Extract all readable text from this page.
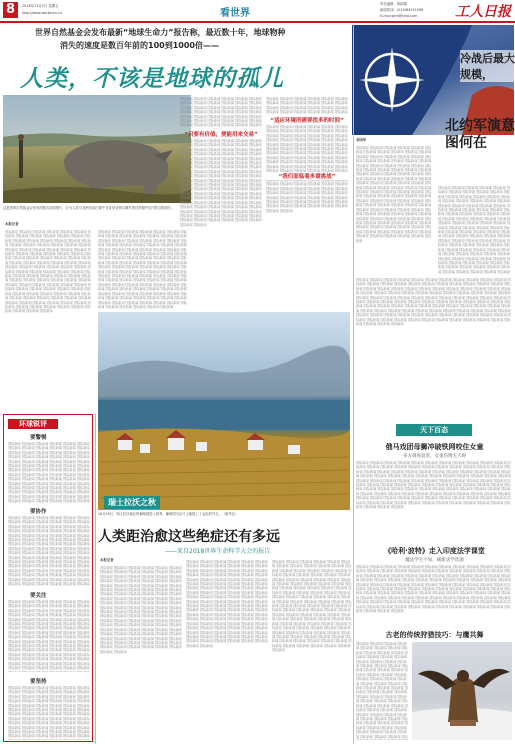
8	2018年11月2日 星期五
http://www.workercn.cn	看世界
责任编辑：陈丽娟
新闻热线：(010)84151598
E-mail:grrb@sina.com	工人日报
世界自然基金会发布最新“地球生命力”报告称，最近数十年，地球物种
消失的速度是数百年前的100到1000倍——
人类，不该是地球的孤儿
这是世界自然基金会发布的报告封面图片，左为人类与非洲北部白犀牛在肯尼亚奥尔佩杰塔自然保护区内的合影照片。
本报记者
国际新闻 国际新闻 国际新闻 国际新闻 国际新闻 国际新闻 国际新闻 国际新闻 国际新闻 国际新闻 国际新闻 国际新闻 国际新闻 国际新闻 国际新闻 国际新闻 国际新闻 国际新闻 国际新闻 国际新闻 国际新闻 国际新闻 国际新闻 国际新闻 国际新闻 国际新闻 国际新闻 国际新闻 国际新闻 国际新闻 国际新闻 国际新闻 国际新闻 国际新闻 国际新闻 国际新闻 国际新闻 国际新闻 国际新闻 国际新闻 国际新闻 国际新闻 国际新闻 国际新闻 国际新闻 国际新闻 国际新闻 国际新闻 国际新闻 国际新闻 国际新闻 国际新闻 国际新闻 国际新闻 国际新闻 国际新闻 国际新闻 国际新闻 国际新闻 国际新闻 国际新闻 国际新闻 国际新闻 国际新闻 国际新闻 国际新闻 国际新闻 国际新闻 国际新闻 国际新闻 国际新闻 国际新闻 国际新闻 国际新闻 国际新闻 国际新闻 国际新闻 国际新闻 国际新闻 国际新闻 国际新闻 国际新闻 国际新闻 国际新闻 国际新闻 国际新闻 国际新闻 国际新闻 国际新闻 国际新闻 国际新闻 国际新闻 国际新闻 国际新闻 国际新闻 国际新闻 国际新闻 国际新闻 国际新闻 国际新闻 国际新闻 国际新闻 国际新闻 国际新闻 国际新闻 国际新闻 国际新闻 国际新闻 国际新闻 国际新闻 国际新闻 国际新闻 国际新闻 国际新闻 国际新闻 国际新闻
国际新闻 国际新闻 国际新闻 国际新闻 国际新闻 国际新闻 国际新闻 国际新闻 国际新闻 国际新闻 国际新闻 国际新闻 国际新闻 国际新闻 国际新闻 国际新闻 国际新闻 国际新闻 国际新闻 国际新闻 国际新闻 国际新闻 国际新闻 国际新闻 国际新闻 国际新闻 国际新闻 国际新闻 国际新闻 国际新闻 国际新闻 国际新闻 国际新闻 国际新闻 国际新闻 国际新闻 国际新闻 国际新闻 国际新闻 国际新闻 国际新闻 国际新闻 国际新闻 国际新闻 国际新闻 国际新闻 国际新闻 国际新闻 国际新闻 国际新闻 国际新闻 国际新闻 国际新闻 国际新闻 国际新闻 国际新闻 国际新闻 国际新闻 国际新闻 国际新闻 国际新闻 国际新闻 国际新闻 国际新闻 国际新闻 国际新闻 国际新闻 国际新闻 国际新闻 国际新闻 国际新闻 国际新闻 国际新闻 国际新闻 国际新闻 国际新闻 国际新闻 国际新闻 国际新闻 国际新闻 国际新闻 国际新闻 国际新闻 国际新闻 国际新闻 国际新闻 国际新闻 国际新闻 国际新闻 国际新闻 国际新闻 国际新闻 国际新闻 国际新闻 国际新闻 国际新闻 国际新闻 国际新闻 国际新闻 国际新闻 国际新闻 国际新闻 国际新闻 国际新闻 国际新闻 国际新闻 国际新闻 国际新闻 国际新闻 国际新闻 国际新闻 国际新闻 国际新闻 国际新闻 国际新闻 国际新闻
国际新闻 国际新闻 国际新闻 国际新闻 国际新闻 国际新闻 国际新闻 国际新闻 国际新闻 国际新闻 国际新闻 国际新闻 国际新闻 国际新闻 国际新闻 国际新闻 国际新闻 国际新闻 国际新闻 国际新闻 国际新闻 国际新闻 国际新闻 国际新闻 国际新闻 国际新闻 国际新闻 国际新闻 国际新闻 国际新闻 国际新闻 国际新闻 国际新闻 国际新闻 国际新闻 国际新闻 国际新闻 国际新闻 国际新闻 国际新闻 国际新闻 国际新闻 国际新闻 国际新闻 国际新闻 国际新闻 国际新闻 国际新闻 国际新闻 国际新闻 国际新闻 国际新闻 国际新闻 国际新闻 国际新闻 国际新闻 国际新闻 国际新闻 国际新闻 国际新闻 国际新闻 国际新闻 国际新闻 国际新闻 国际新闻 国际新闻 国际新闻 国际新闻 国际新闻 国际新闻 国际新闻 国际新闻 国际新闻 国际新闻 国际新闻 国际新闻 国际新闻 国际新闻 国际新闻 国际新闻 国际新闻 国际新闻 国际新闻 国际新闻 国际新闻 国际新闻 国际新闻 国际新闻 国际新闻 国际新闻 国际新闻 国际新闻 国际新闻 国际新闻 国际新闻 国际新闻 国际新闻 国际新闻 国际新闻 国际新闻 国际新闻 国际新闻 国际新闻 国际新闻 国际新闻 国际新闻 国际新闻 国际新闻 国际新闻 国际新闻 国际新闻 国际新闻 国际新闻 国际新闻 国际新闻 国际新闻
“只要有价值，便能用来交易”
国际新闻 国际新闻 国际新闻 国际新闻 国际新闻 国际新闻 国际新闻 国际新闻 国际新闻 国际新闻 国际新闻 国际新闻 国际新闻 国际新闻 国际新闻 国际新闻 国际新闻 国际新闻 国际新闻 国际新闻 国际新闻 国际新闻 国际新闻 国际新闻 国际新闻 国际新闻 国际新闻 国际新闻 国际新闻 国际新闻 国际新闻 国际新闻 国际新闻 国际新闻 国际新闻 国际新闻 国际新闻 国际新闻 国际新闻 国际新闻 国际新闻 国际新闻 国际新闻 国际新闻 国际新闻 国际新闻 国际新闻 国际新闻 国际新闻 国际新闻 国际新闻 国际新闻 国际新闻 国际新闻 国际新闻 国际新闻 国际新闻 国际新闻 国际新闻 国际新闻 国际新闻 国际新闻 国际新闻 国际新闻 国际新闻 国际新闻 国际新闻 国际新闻 国际新闻 国际新闻 国际新闻 国际新闻 国际新闻 国际新闻 国际新闻 国际新闻 国际新闻 国际新闻 国际新闻 国际新闻 国际新闻 国际新闻 国际新闻 国际新闻 国际新闻 国际新闻 国际新闻 国际新闻 国际新闻 国际新闻 国际新闻 国际新闻 国际新闻 国际新闻 国际新闻 国际新闻 国际新闻 国际新闻 国际新闻 国际新闻 国际新闻 国际新闻 国际新闻 国际新闻 国际新闻 国际新闻 国际新闻 国际新闻 国际新闻 国际新闻 国际新闻 国际新闻 国际新闻 国际新闻 国际新闻 国际新闻
国际新闻 国际新闻 国际新闻 国际新闻 国际新闻 国际新闻 国际新闻 国际新闻 国际新闻 国际新闻 国际新闻 国际新闻 国际新闻 国际新闻 国际新闻 国际新闻 国际新闻 国际新闻 国际新闻 国际新闻 国际新闻 国际新闻 国际新闻 国际新闻 国际新闻 国际新闻 国际新闻 国际新闻 国际新闻 国际新闻 国际新闻 国际新闻 国际新闻 国际新闻 国际新闻 国际新闻 国际新闻 国际新闻 国际新闻 国际新闻 国际新闻 国际新闻 国际新闻 国际新闻 国际新闻 国际新闻 国际新闻 国际新闻 国际新闻 国际新闻 国际新闻 国际新闻 国际新闻 国际新闻 国际新闻 国际新闻 国际新闻 国际新闻 国际新闻 国际新闻 国际新闻 国际新闻 国际新闻 国际新闻 国际新闻 国际新闻 国际新闻 国际新闻 国际新闻 国际新闻 国际新闻 国际新闻 国际新闻 国际新闻 国际新闻 国际新闻 国际新闻 国际新闻 国际新闻 国际新闻 国际新闻 国际新闻 国际新闻 国际新闻 国际新闻 国际新闻 国际新闻 国际新闻 国际新闻 国际新闻 国际新闻 国际新闻 国际新闻 国际新闻 国际新闻 国际新闻 国际新闻 国际新闻 国际新闻 国际新闻 国际新闻 国际新闻 国际新闻 国际新闻 国际新闻 国际新闻 国际新闻 国际新闻 国际新闻 国际新闻 国际新闻 国际新闻 国际新闻 国际新闻 国际新闻 国际新闻
“适应环境所需要很多的时间”
国际新闻 国际新闻 国际新闻 国际新闻 国际新闻 国际新闻 国际新闻 国际新闻 国际新闻 国际新闻 国际新闻 国际新闻 国际新闻 国际新闻 国际新闻 国际新闻 国际新闻 国际新闻 国际新闻 国际新闻 国际新闻 国际新闻 国际新闻 国际新闻 国际新闻 国际新闻 国际新闻 国际新闻 国际新闻 国际新闻 国际新闻 国际新闻 国际新闻 国际新闻 国际新闻 国际新闻 国际新闻 国际新闻 国际新闻 国际新闻 国际新闻 国际新闻 国际新闻 国际新闻 国际新闻 国际新闻 国际新闻 国际新闻 国际新闻 国际新闻 国际新闻 国际新闻 国际新闻 国际新闻 国际新闻 国际新闻 国际新闻 国际新闻 国际新闻 国际新闻 国际新闻 国际新闻 国际新闻 国际新闻 国际新闻 国际新闻 国际新闻 国际新闻 国际新闻 国际新闻 国际新闻 国际新闻 国际新闻 国际新闻 国际新闻 国际新闻 国际新闻 国际新闻 国际新闻 国际新闻 国际新闻 国际新闻 国际新闻 国际新闻 国际新闻 国际新闻 国际新闻 国际新闻 国际新闻 国际新闻 国际新闻 国际新闻 国际新闻 国际新闻 国际新闻 国际新闻 国际新闻 国际新闻 国际新闻 国际新闻 国际新闻 国际新闻 国际新闻 国际新闻 国际新闻 国际新闻 国际新闻 国际新闻 国际新闻 国际新闻 国际新闻 国际新闻 国际新闻 国际新闻 国际新闻 国际新闻
“我们面临着多重挑战”
冷战后最大规模，
北约军演意图何在
李国华
国际新闻 国际新闻 国际新闻 国际新闻 国际新闻 国际新闻 国际新闻 国际新闻 国际新闻 国际新闻 国际新闻 国际新闻 国际新闻 国际新闻 国际新闻 国际新闻 国际新闻 国际新闻 国际新闻 国际新闻 国际新闻 国际新闻 国际新闻 国际新闻 国际新闻 国际新闻 国际新闻 国际新闻 国际新闻 国际新闻 国际新闻 国际新闻 国际新闻 国际新闻 国际新闻 国际新闻 国际新闻 国际新闻 国际新闻 国际新闻 国际新闻 国际新闻 国际新闻 国际新闻 国际新闻 国际新闻 国际新闻 国际新闻 国际新闻 国际新闻 国际新闻 国际新闻 国际新闻 国际新闻 国际新闻 国际新闻 国际新闻 国际新闻 国际新闻 国际新闻 国际新闻 国际新闻 国际新闻 国际新闻 国际新闻 国际新闻 国际新闻 国际新闻 国际新闻 国际新闻 国际新闻 国际新闻 国际新闻 国际新闻 国际新闻 国际新闻 国际新闻 国际新闻 国际新闻 国际新闻 国际新闻 国际新闻 国际新闻 国际新闻 国际新闻 国际新闻 国际新闻 国际新闻 国际新闻 国际新闻 国际新闻 国际新闻 国际新闻 国际新闻 国际新闻 国际新闻 国际新闻 国际新闻 国际新闻 国际新闻 国际新闻 国际新闻 国际新闻 国际新闻 国际新闻 国际新闻 国际新闻 国际新闻 国际新闻 国际新闻 国际新闻 国际新闻 国际新闻 国际新闻 国际新闻 国际新闻
国际新闻 国际新闻 国际新闻 国际新闻 国际新闻 国际新闻 国际新闻 国际新闻 国际新闻 国际新闻 国际新闻 国际新闻 国际新闻 国际新闻 国际新闻 国际新闻 国际新闻 国际新闻 国际新闻 国际新闻 国际新闻 国际新闻 国际新闻 国际新闻 国际新闻 国际新闻 国际新闻 国际新闻 国际新闻 国际新闻 国际新闻 国际新闻 国际新闻 国际新闻 国际新闻 国际新闻 国际新闻 国际新闻 国际新闻 国际新闻 国际新闻 国际新闻 国际新闻 国际新闻 国际新闻 国际新闻 国际新闻 国际新闻 国际新闻 国际新闻 国际新闻 国际新闻 国际新闻 国际新闻 国际新闻 国际新闻 国际新闻 国际新闻 国际新闻 国际新闻 国际新闻 国际新闻 国际新闻 国际新闻 国际新闻 国际新闻 国际新闻 国际新闻 国际新闻 国际新闻 国际新闻 国际新闻 国际新闻 国际新闻 国际新闻 国际新闻 国际新闻 国际新闻 国际新闻 国际新闻 国际新闻 国际新闻 国际新闻 国际新闻 国际新闻 国际新闻 国际新闻 国际新闻 国际新闻 国际新闻 国际新闻 国际新闻 国际新闻 国际新闻 国际新闻 国际新闻 国际新闻 国际新闻 国际新闻 国际新闻 国际新闻 国际新闻 国际新闻 国际新闻 国际新闻 国际新闻 国际新闻 国际新闻 国际新闻 国际新闻 国际新闻 国际新闻 国际新闻 国际新闻 国际新闻 国际新闻
国际新闻 国际新闻 国际新闻 国际新闻 国际新闻 国际新闻 国际新闻 国际新闻 国际新闻 国际新闻 国际新闻 国际新闻 国际新闻 国际新闻 国际新闻 国际新闻 国际新闻 国际新闻 国际新闻 国际新闻 国际新闻 国际新闻 国际新闻 国际新闻 国际新闻 国际新闻 国际新闻 国际新闻 国际新闻 国际新闻 国际新闻 国际新闻 国际新闻 国际新闻 国际新闻 国际新闻 国际新闻 国际新闻 国际新闻 国际新闻 国际新闻 国际新闻 国际新闻 国际新闻 国际新闻 国际新闻 国际新闻 国际新闻 国际新闻 国际新闻 国际新闻 国际新闻 国际新闻 国际新闻 国际新闻 国际新闻 国际新闻 国际新闻 国际新闻 国际新闻 国际新闻 国际新闻 国际新闻 国际新闻 国际新闻 国际新闻 国际新闻 国际新闻 国际新闻 国际新闻 国际新闻 国际新闻 国际新闻 国际新闻 国际新闻 国际新闻 国际新闻 国际新闻 国际新闻 国际新闻 国际新闻 国际新闻 国际新闻 国际新闻 国际新闻 国际新闻 国际新闻 国际新闻 国际新闻 国际新闻 国际新闻 国际新闻 国际新闻 国际新闻 国际新闻 国际新闻 国际新闻 国际新闻 国际新闻 国际新闻 国际新闻 国际新闻 国际新闻 国际新闻 国际新闻 国际新闻 国际新闻 国际新闻 国际新闻 国际新闻 国际新闻 国际新闻 国际新闻 国际新闻 国际新闻 国际新闻
环球锐评
要警惕
国际新闻 国际新闻 国际新闻 国际新闻 国际新闻 国际新闻 国际新闻 国际新闻 国际新闻 国际新闻 国际新闻 国际新闻 国际新闻 国际新闻 国际新闻 国际新闻 国际新闻 国际新闻 国际新闻 国际新闻 国际新闻 国际新闻 国际新闻 国际新闻 国际新闻 国际新闻 国际新闻 国际新闻 国际新闻 国际新闻 国际新闻 国际新闻 国际新闻 国际新闻 国际新闻 国际新闻 国际新闻 国际新闻 国际新闻 国际新闻 国际新闻 国际新闻 国际新闻 国际新闻 国际新闻 国际新闻 国际新闻 国际新闻 国际新闻 国际新闻 国际新闻 国际新闻 国际新闻 国际新闻 国际新闻 国际新闻 国际新闻 国际新闻 国际新闻 国际新闻 国际新闻 国际新闻 国际新闻 国际新闻 国际新闻 国际新闻 国际新闻 国际新闻 国际新闻 国际新闻 国际新闻 国际新闻 国际新闻 国际新闻 国际新闻 国际新闻 国际新闻 国际新闻 国际新闻 国际新闻 国际新闻 国际新闻 国际新闻 国际新闻 国际新闻 国际新闻 国际新闻 国际新闻 国际新闻 国际新闻 国际新闻 国际新闻 国际新闻 国际新闻 国际新闻 国际新闻 国际新闻 国际新闻 国际新闻 国际新闻 国际新闻 国际新闻 国际新闻 国际新闻 国际新闻 国际新闻 国际新闻 国际新闻 国际新闻 国际新闻 国际新闻 国际新闻 国际新闻 国际新闻 国际新闻 国际新闻
要协作
国际新闻 国际新闻 国际新闻 国际新闻 国际新闻 国际新闻 国际新闻 国际新闻 国际新闻 国际新闻 国际新闻 国际新闻 国际新闻 国际新闻 国际新闻 国际新闻 国际新闻 国际新闻 国际新闻 国际新闻 国际新闻 国际新闻 国际新闻 国际新闻 国际新闻 国际新闻 国际新闻 国际新闻 国际新闻 国际新闻 国际新闻 国际新闻 国际新闻 国际新闻 国际新闻 国际新闻 国际新闻 国际新闻 国际新闻 国际新闻 国际新闻 国际新闻 国际新闻 国际新闻 国际新闻 国际新闻 国际新闻 国际新闻 国际新闻 国际新闻 国际新闻 国际新闻 国际新闻 国际新闻 国际新闻 国际新闻 国际新闻 国际新闻 国际新闻 国际新闻 国际新闻 国际新闻 国际新闻 国际新闻 国际新闻 国际新闻 国际新闻 国际新闻 国际新闻 国际新闻 国际新闻 国际新闻 国际新闻 国际新闻 国际新闻 国际新闻 国际新闻 国际新闻 国际新闻 国际新闻 国际新闻 国际新闻 国际新闻 国际新闻 国际新闻 国际新闻 国际新闻 国际新闻 国际新闻 国际新闻 国际新闻 国际新闻 国际新闻 国际新闻 国际新闻 国际新闻 国际新闻 国际新闻 国际新闻 国际新闻 国际新闻 国际新闻 国际新闻 国际新闻 国际新闻 国际新闻 国际新闻 国际新闻 国际新闻 国际新闻 国际新闻 国际新闻 国际新闻 国际新闻 国际新闻 国际新闻
要关注
国际新闻 国际新闻 国际新闻 国际新闻 国际新闻 国际新闻 国际新闻 国际新闻 国际新闻 国际新闻 国际新闻 国际新闻 国际新闻 国际新闻 国际新闻 国际新闻 国际新闻 国际新闻 国际新闻 国际新闻 国际新闻 国际新闻 国际新闻 国际新闻 国际新闻 国际新闻 国际新闻 国际新闻 国际新闻 国际新闻 国际新闻 国际新闻 国际新闻 国际新闻 国际新闻 国际新闻 国际新闻 国际新闻 国际新闻 国际新闻 国际新闻 国际新闻 国际新闻 国际新闻 国际新闻 国际新闻 国际新闻 国际新闻 国际新闻 国际新闻 国际新闻 国际新闻 国际新闻 国际新闻 国际新闻 国际新闻 国际新闻 国际新闻 国际新闻 国际新闻 国际新闻 国际新闻 国际新闻 国际新闻 国际新闻 国际新闻 国际新闻 国际新闻 国际新闻 国际新闻 国际新闻 国际新闻 国际新闻 国际新闻 国际新闻 国际新闻 国际新闻 国际新闻 国际新闻 国际新闻 国际新闻 国际新闻 国际新闻 国际新闻 国际新闻 国际新闻 国际新闻 国际新闻 国际新闻 国际新闻 国际新闻 国际新闻 国际新闻 国际新闻 国际新闻 国际新闻 国际新闻 国际新闻 国际新闻 国际新闻 国际新闻 国际新闻 国际新闻 国际新闻 国际新闻 国际新闻 国际新闻 国际新闻 国际新闻 国际新闻 国际新闻 国际新闻 国际新闻 国际新闻 国际新闻 国际新闻
要坚持
国际新闻 国际新闻 国际新闻 国际新闻 国际新闻 国际新闻 国际新闻 国际新闻 国际新闻 国际新闻 国际新闻 国际新闻 国际新闻 国际新闻 国际新闻 国际新闻 国际新闻 国际新闻 国际新闻 国际新闻 国际新闻 国际新闻 国际新闻 国际新闻 国际新闻 国际新闻 国际新闻 国际新闻 国际新闻 国际新闻 国际新闻 国际新闻 国际新闻 国际新闻 国际新闻 国际新闻 国际新闻 国际新闻 国际新闻 国际新闻 国际新闻 国际新闻 国际新闻 国际新闻 国际新闻 国际新闻 国际新闻 国际新闻 国际新闻 国际新闻 国际新闻 国际新闻 国际新闻 国际新闻 国际新闻 国际新闻 国际新闻 国际新闻 国际新闻 国际新闻 国际新闻 国际新闻 国际新闻 国际新闻 国际新闻 国际新闻 国际新闻 国际新闻 国际新闻 国际新闻 国际新闻 国际新闻 国际新闻 国际新闻 国际新闻 国际新闻 国际新闻 国际新闻 国际新闻 国际新闻 国际新闻 国际新闻 国际新闻 国际新闻 国际新闻 国际新闻 国际新闻 国际新闻 国际新闻 国际新闻 国际新闻 国际新闻 国际新闻 国际新闻 国际新闻 国际新闻 国际新闻 国际新闻 国际新闻 国际新闻 国际新闻 国际新闻 国际新闻 国际新闻 国际新闻 国际新闻 国际新闻 国际新闻 国际新闻 国际新闻 国际新闻 国际新闻 国际新闻 国际新闻 国际新闻 国际新闻
瑞士拉沃之秋
10月29日，瑞士拉沃地区的葡萄园进入秋季，葡萄园为这片土地披上了金色的外衣。（新华社）
人类距治愈这些绝症还有多远
——来自2018世界生命科学大会的报告
本报记者
国际新闻 国际新闻 国际新闻 国际新闻 国际新闻 国际新闻 国际新闻 国际新闻 国际新闻 国际新闻 国际新闻 国际新闻 国际新闻 国际新闻 国际新闻 国际新闻 国际新闻 国际新闻 国际新闻 国际新闻 国际新闻 国际新闻 国际新闻 国际新闻 国际新闻 国际新闻 国际新闻 国际新闻 国际新闻 国际新闻 国际新闻 国际新闻 国际新闻 国际新闻 国际新闻 国际新闻 国际新闻 国际新闻 国际新闻 国际新闻 国际新闻 国际新闻 国际新闻 国际新闻 国际新闻 国际新闻 国际新闻 国际新闻 国际新闻 国际新闻 国际新闻 国际新闻 国际新闻 国际新闻 国际新闻 国际新闻 国际新闻 国际新闻 国际新闻 国际新闻 国际新闻 国际新闻 国际新闻 国际新闻 国际新闻 国际新闻 国际新闻 国际新闻 国际新闻 国际新闻 国际新闻 国际新闻 国际新闻 国际新闻 国际新闻 国际新闻 国际新闻 国际新闻 国际新闻 国际新闻 国际新闻 国际新闻 国际新闻 国际新闻 国际新闻 国际新闻 国际新闻 国际新闻 国际新闻 国际新闻 国际新闻 国际新闻 国际新闻 国际新闻 国际新闻 国际新闻 国际新闻 国际新闻 国际新闻 国际新闻 国际新闻 国际新闻 国际新闻 国际新闻 国际新闻 国际新闻 国际新闻 国际新闻 国际新闻 国际新闻 国际新闻 国际新闻 国际新闻 国际新闻 国际新闻 国际新闻
国际新闻 国际新闻 国际新闻 国际新闻 国际新闻 国际新闻 国际新闻 国际新闻 国际新闻 国际新闻 国际新闻 国际新闻 国际新闻 国际新闻 国际新闻 国际新闻 国际新闻 国际新闻 国际新闻 国际新闻 国际新闻 国际新闻 国际新闻 国际新闻 国际新闻 国际新闻 国际新闻 国际新闻 国际新闻 国际新闻 国际新闻 国际新闻 国际新闻 国际新闻 国际新闻 国际新闻 国际新闻 国际新闻 国际新闻 国际新闻 国际新闻 国际新闻 国际新闻 国际新闻 国际新闻 国际新闻 国际新闻 国际新闻 国际新闻 国际新闻 国际新闻 国际新闻 国际新闻 国际新闻 国际新闻 国际新闻 国际新闻 国际新闻 国际新闻 国际新闻 国际新闻 国际新闻 国际新闻 国际新闻 国际新闻 国际新闻 国际新闻 国际新闻 国际新闻 国际新闻 国际新闻 国际新闻 国际新闻 国际新闻 国际新闻 国际新闻 国际新闻 国际新闻 国际新闻 国际新闻 国际新闻 国际新闻 国际新闻 国际新闻 国际新闻 国际新闻 国际新闻 国际新闻 国际新闻 国际新闻 国际新闻 国际新闻 国际新闻 国际新闻 国际新闻 国际新闻 国际新闻 国际新闻 国际新闻 国际新闻 国际新闻 国际新闻 国际新闻 国际新闻 国际新闻 国际新闻 国际新闻 国际新闻 国际新闻 国际新闻 国际新闻 国际新闻 国际新闻 国际新闻 国际新闻 国际新闻
国际新闻 国际新闻 国际新闻 国际新闻 国际新闻 国际新闻 国际新闻 国际新闻 国际新闻 国际新闻 国际新闻 国际新闻 国际新闻 国际新闻 国际新闻 国际新闻 国际新闻 国际新闻 国际新闻 国际新闻 国际新闻 国际新闻 国际新闻 国际新闻 国际新闻 国际新闻 国际新闻 国际新闻 国际新闻 国际新闻 国际新闻 国际新闻 国际新闻 国际新闻 国际新闻 国际新闻 国际新闻 国际新闻 国际新闻 国际新闻 国际新闻 国际新闻 国际新闻 国际新闻 国际新闻 国际新闻 国际新闻 国际新闻 国际新闻 国际新闻 国际新闻 国际新闻 国际新闻 国际新闻 国际新闻 国际新闻 国际新闻 国际新闻 国际新闻 国际新闻 国际新闻 国际新闻 国际新闻 国际新闻 国际新闻 国际新闻 国际新闻 国际新闻 国际新闻 国际新闻 国际新闻 国际新闻 国际新闻 国际新闻 国际新闻 国际新闻 国际新闻 国际新闻 国际新闻 国际新闻 国际新闻 国际新闻 国际新闻 国际新闻 国际新闻 国际新闻 国际新闻 国际新闻 国际新闻 国际新闻 国际新闻 国际新闻 国际新闻 国际新闻 国际新闻 国际新闻 国际新闻 国际新闻 国际新闻 国际新闻 国际新闻 国际新闻 国际新闻 国际新闻 国际新闻 国际新闻 国际新闻 国际新闻 国际新闻 国际新闻 国际新闻 国际新闻 国际新闻 国际新闻 国际新闻 国际新闻
天下百态
俄马戏团母狮冲破铁网咬住女童
多方调查追责，女童伤情无大碍
国际新闻 国际新闻 国际新闻 国际新闻 国际新闻 国际新闻 国际新闻 国际新闻 国际新闻 国际新闻 国际新闻 国际新闻 国际新闻 国际新闻 国际新闻 国际新闻 国际新闻 国际新闻 国际新闻 国际新闻 国际新闻 国际新闻 国际新闻 国际新闻 国际新闻 国际新闻 国际新闻 国际新闻 国际新闻 国际新闻 国际新闻 国际新闻 国际新闻 国际新闻 国际新闻 国际新闻 国际新闻 国际新闻 国际新闻 国际新闻 国际新闻 国际新闻 国际新闻 国际新闻 国际新闻 国际新闻 国际新闻 国际新闻 国际新闻 国际新闻 国际新闻 国际新闻 国际新闻 国际新闻 国际新闻 国际新闻 国际新闻 国际新闻 国际新闻 国际新闻 国际新闻 国际新闻 国际新闻 国际新闻 国际新闻 国际新闻 国际新闻 国际新闻 国际新闻 国际新闻 国际新闻 国际新闻 国际新闻 国际新闻 国际新闻 国际新闻 国际新闻 国际新闻 国际新闻 国际新闻 国际新闻 国际新闻 国际新闻 国际新闻 国际新闻 国际新闻 国际新闻 国际新闻 国际新闻 国际新闻 国际新闻 国际新闻 国际新闻 国际新闻 国际新闻 国际新闻 国际新闻 国际新闻 国际新闻 国际新闻 国际新闻 国际新闻 国际新闻 国际新闻 国际新闻 国际新闻 国际新闻 国际新闻 国际新闻 国际新闻 国际新闻 国际新闻 国际新闻 国际新闻 国际新闻 国际新闻
《哈利·波特》走入印度法学课堂
魔法学生不易，刷新法学选题
国际新闻 国际新闻 国际新闻 国际新闻 国际新闻 国际新闻 国际新闻 国际新闻 国际新闻 国际新闻 国际新闻 国际新闻 国际新闻 国际新闻 国际新闻 国际新闻 国际新闻 国际新闻 国际新闻 国际新闻 国际新闻 国际新闻 国际新闻 国际新闻 国际新闻 国际新闻 国际新闻 国际新闻 国际新闻 国际新闻 国际新闻 国际新闻 国际新闻 国际新闻 国际新闻 国际新闻 国际新闻 国际新闻 国际新闻 国际新闻 国际新闻 国际新闻 国际新闻 国际新闻 国际新闻 国际新闻 国际新闻 国际新闻 国际新闻 国际新闻 国际新闻 国际新闻 国际新闻 国际新闻 国际新闻 国际新闻 国际新闻 国际新闻 国际新闻 国际新闻 国际新闻 国际新闻 国际新闻 国际新闻 国际新闻 国际新闻 国际新闻 国际新闻 国际新闻 国际新闻 国际新闻 国际新闻 国际新闻 国际新闻 国际新闻 国际新闻 国际新闻 国际新闻 国际新闻 国际新闻 国际新闻 国际新闻 国际新闻 国际新闻 国际新闻 国际新闻 国际新闻 国际新闻 国际新闻 国际新闻 国际新闻 国际新闻 国际新闻 国际新闻 国际新闻 国际新闻 国际新闻 国际新闻 国际新闻 国际新闻 国际新闻 国际新闻 国际新闻 国际新闻 国际新闻 国际新闻 国际新闻 国际新闻 国际新闻 国际新闻 国际新闻 国际新闻 国际新闻 国际新闻 国际新闻 国际新闻
古老的传统狩猎技巧：与鹰共舞
国际新闻 国际新闻 国际新闻 国际新闻 国际新闻 国际新闻 国际新闻 国际新闻 国际新闻 国际新闻 国际新闻 国际新闻 国际新闻 国际新闻 国际新闻 国际新闻 国际新闻 国际新闻 国际新闻 国际新闻 国际新闻 国际新闻 国际新闻 国际新闻 国际新闻 国际新闻 国际新闻 国际新闻 国际新闻 国际新闻 国际新闻 国际新闻 国际新闻 国际新闻 国际新闻 国际新闻 国际新闻 国际新闻 国际新闻 国际新闻 国际新闻 国际新闻 国际新闻 国际新闻 国际新闻 国际新闻 国际新闻 国际新闻 国际新闻 国际新闻 国际新闻 国际新闻 国际新闻 国际新闻 国际新闻 国际新闻 国际新闻 国际新闻 国际新闻 国际新闻 国际新闻 国际新闻 国际新闻 国际新闻 国际新闻 国际新闻 国际新闻 国际新闻 国际新闻 国际新闻 国际新闻 国际新闻 国际新闻 国际新闻 国际新闻 国际新闻 国际新闻 国际新闻 国际新闻 国际新闻 国际新闻 国际新闻 国际新闻 国际新闻 国际新闻 国际新闻 国际新闻 国际新闻 国际新闻 国际新闻 国际新闻 国际新闻 国际新闻 国际新闻 国际新闻 国际新闻 国际新闻 国际新闻 国际新闻 国际新闻 国际新闻 国际新闻 国际新闻 国际新闻 国际新闻 国际新闻 国际新闻 国际新闻 国际新闻 国际新闻 国际新闻 国际新闻 国际新闻 国际新闻 国际新闻 国际新闻
